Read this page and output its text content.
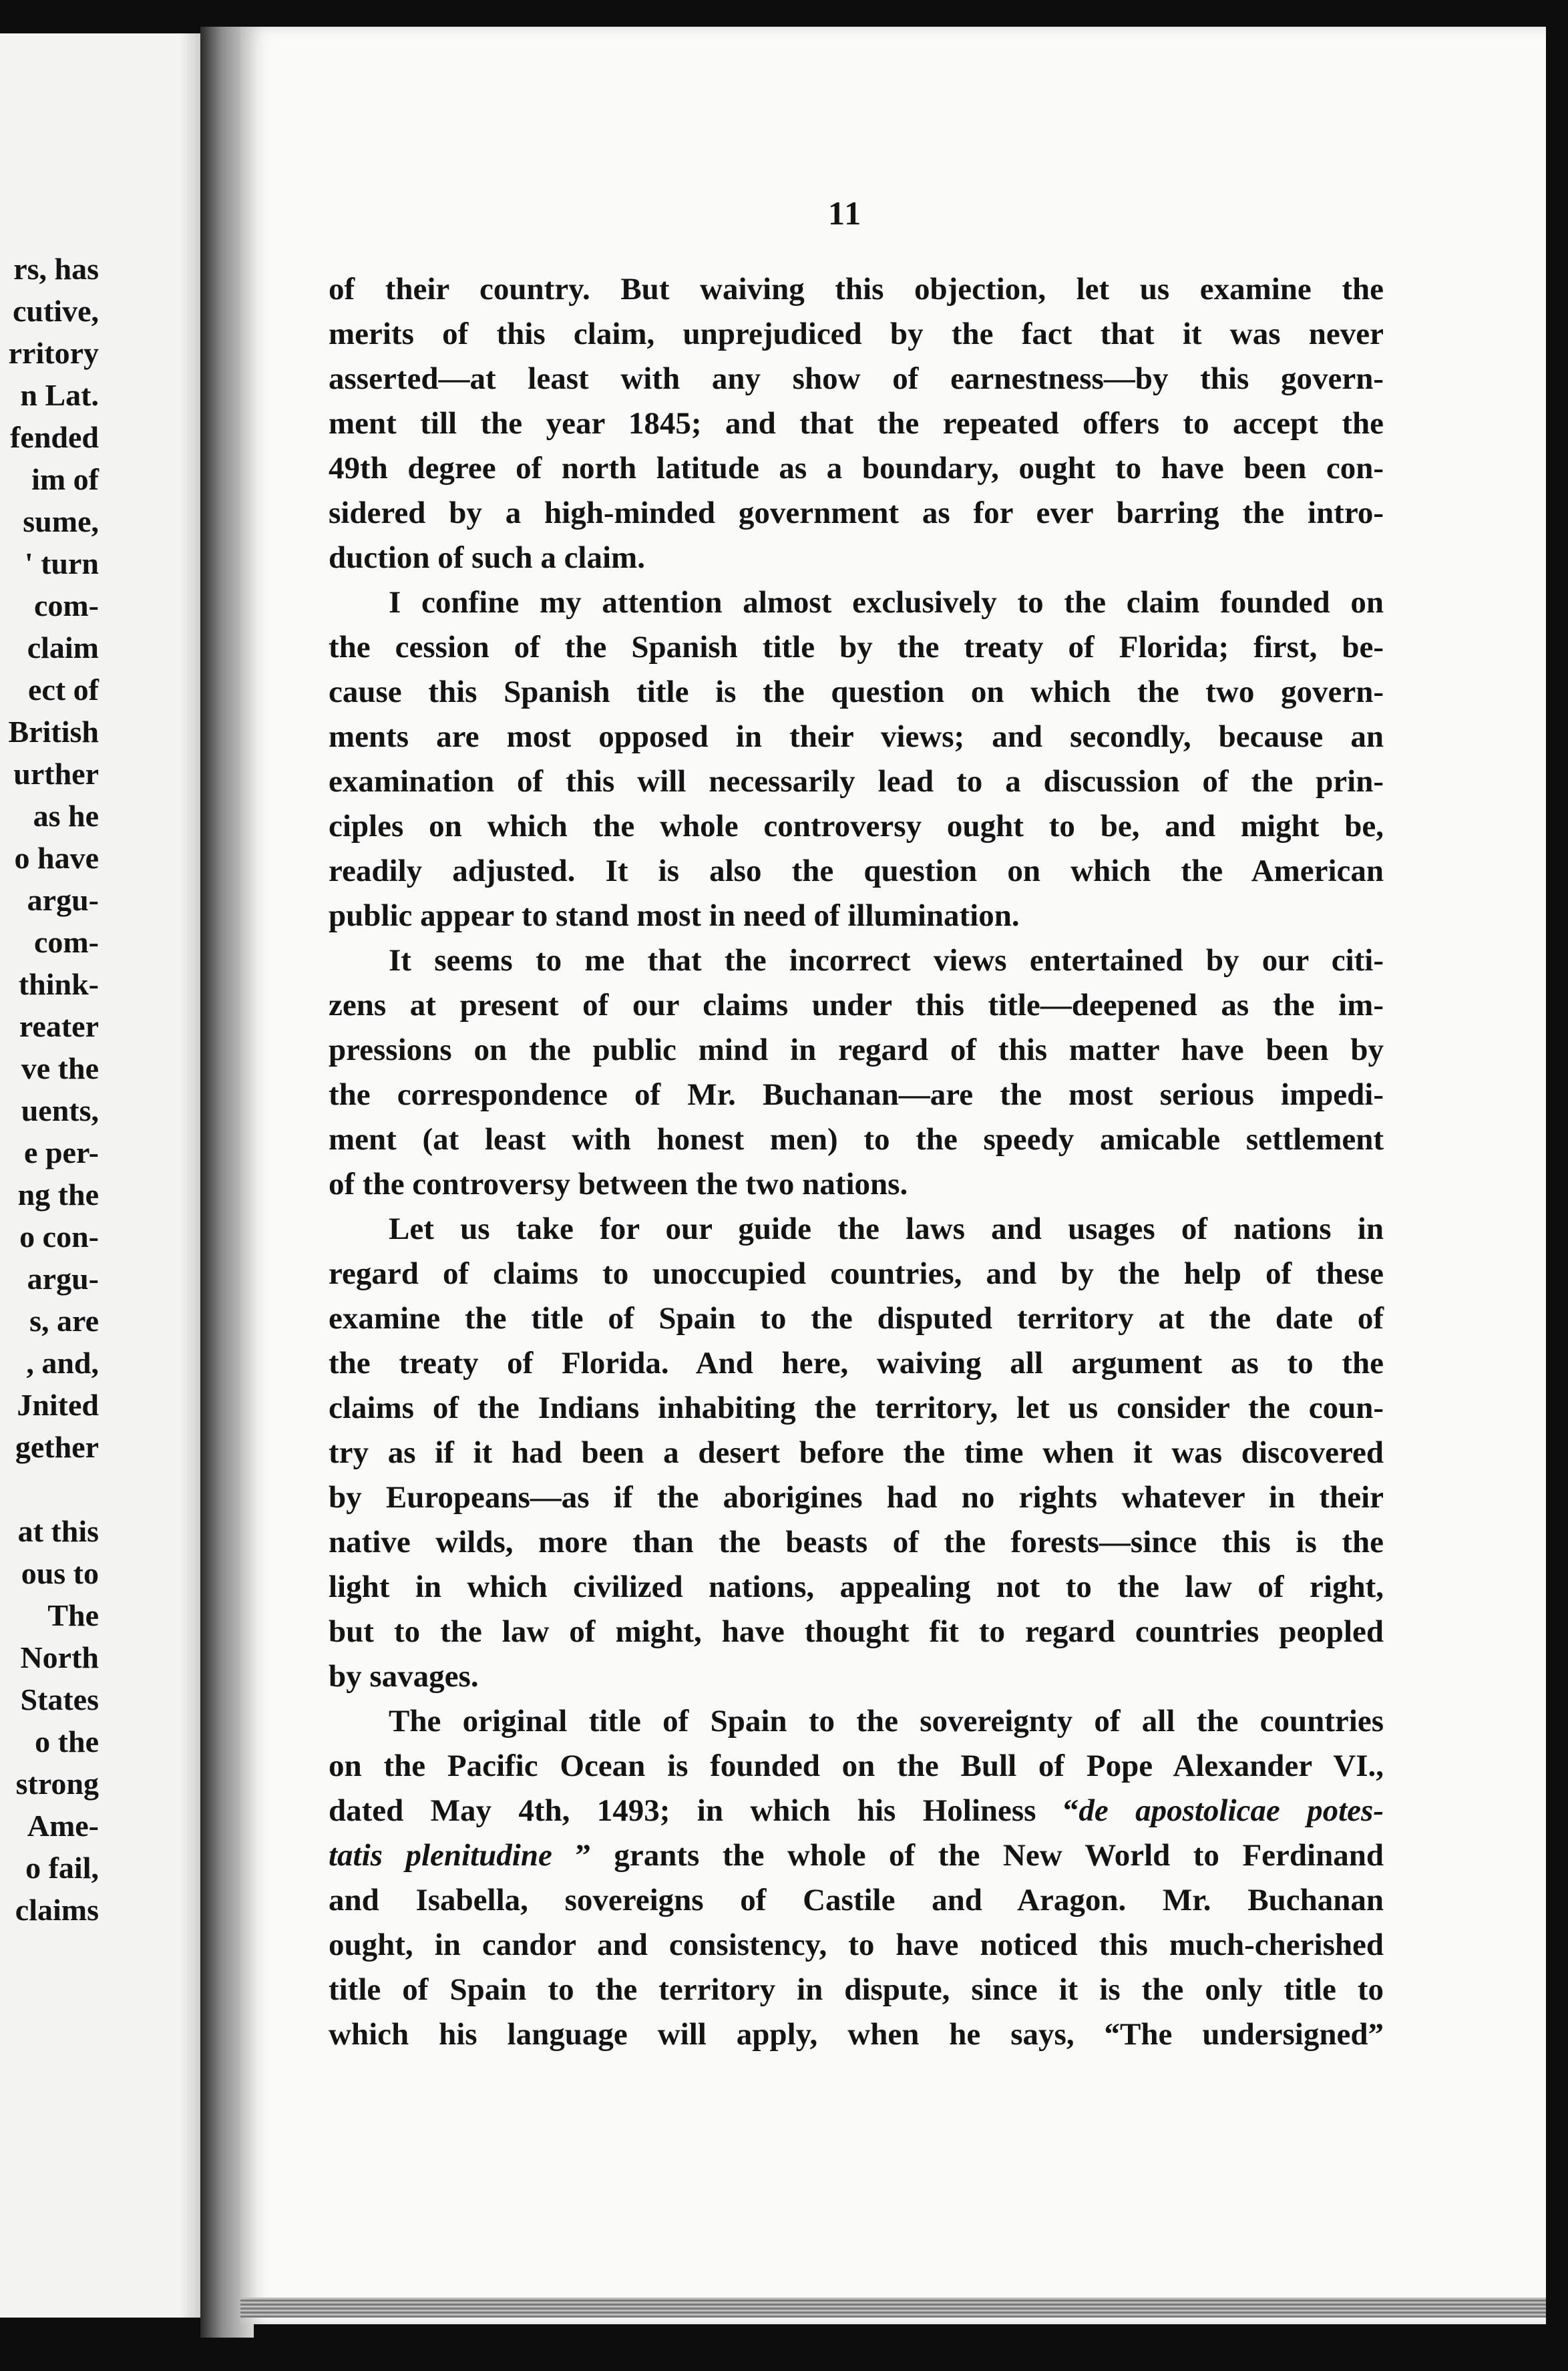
rs, has
cutive,
rritory
n Lat.
fended
im of
sume,
' turn
com-
claim
ect of
British
urther
as he
o have
argu-
com-
think-
reater
ve the
uents,
e per-
ng the
o con-
argu-
s, are
, and,
Jnited
gether
at this
ous to
The
North
States
o the
strong
Ame-
o fail,
claims
11
of their country. But waiving this objection, let us examine the
merits of this claim, unprejudiced by the fact that it was never
asserted—at least with any show of earnestness—by this govern-
ment till the year 1845; and that the repeated offers to accept the
49th degree of north latitude as a boundary, ought to have been con-
sidered by a high-minded government as for ever barring the intro-
duction of such a claim.
I confine my attention almost exclusively to the claim founded on
the cession of the Spanish title by the treaty of Florida; first, be-
cause this Spanish title is the question on which the two govern-
ments are most opposed in their views; and secondly, because an
examination of this will necessarily lead to a discussion of the prin-
ciples on which the whole controversy ought to be, and might be,
readily adjusted. It is also the question on which the American
public appear to stand most in need of illumination.
It seems to me that the incorrect views entertained by our citi-
zens at present of our claims under this title—deepened as the im-
pressions on the public mind in regard of this matter have been by
the correspondence of Mr. Buchanan—are the most serious impedi-
ment (at least with honest men) to the speedy amicable settlement
of the controversy between the two nations.
Let us take for our guide the laws and usages of nations in
regard of claims to unoccupied countries, and by the help of these
examine the title of Spain to the disputed territory at the date of
the treaty of Florida. And here, waiving all argument as to the
claims of the Indians inhabiting the territory, let us consider the coun-
try as if it had been a desert before the time when it was discovered
by Europeans—as if the aborigines had no rights whatever in their
native wilds, more than the beasts of the forests—since this is the
light in which civilized nations, appealing not to the law of right,
but to the law of might, have thought fit to regard countries peopled
by savages.
The original title of Spain to the sovereignty of all the countries
on the Pacific Ocean is founded on the Bull of Pope Alexander VI.,
dated May 4th, 1493; in which his Holiness “de apostolicae potes-
tatis plenitudine ” grants the whole of the New World to Ferdinand
and Isabella, sovereigns of Castile and Aragon. Mr. Buchanan
ought, in candor and consistency, to have noticed this much-cherished
title of Spain to the territory in dispute, since it is the only title to
which his language will apply, when he says, “The undersigned”
